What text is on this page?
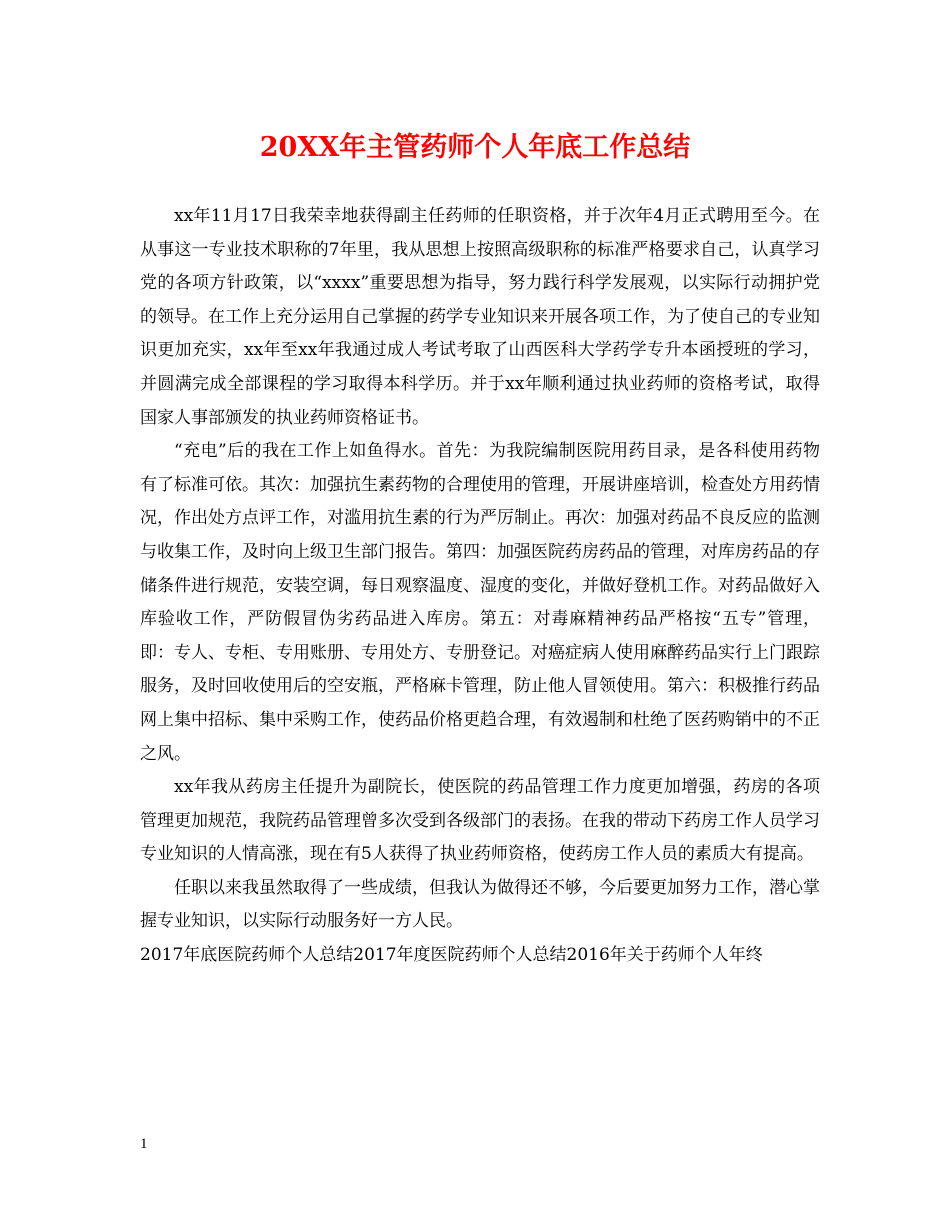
20XX年主管药师个人年底工作总结

xx年11月17日我荣幸地获得副主任药师的任职资格，并于次年4月正式聘用至今。在从事这一专业技术职称的7年里，我从思想上按照高级职称的标准严格要求自己，认真学习党的各项方针政策，以“xxxx”重要思想为指导，努力践行科学发展观，以实际行动拥护党的领导。在工作上充分运用自己掌握的药学专业知识来开展各项工作，为了使自己的专业知识更加充实，xx年至xx年我通过成人考试考取了山西医科大学药学专升本函授班的学习，并圆满完成全部课程的学习取得本科学历。并于xx年顺利通过执业药师的资格考试，取得国家人事部颁发的执业药师资格证书。

“充电”后的我在工作上如鱼得水。首先：为我院编制医院用药目录，是各科使用药物有了标准可依。其次：加强抗生素药物的合理使用的管理，开展讲座培训，检查处方用药情况，作出处方点评工作，对滥用抗生素的行为严厉制止。再次：加强对药品不良反应的监测与收集工作，及时向上级卫生部门报告。第四：加强医院药房药品的管理，对库房药品的存储条件进行规范，安装空调，每日观察温度、湿度的变化，并做好登机工作。对药品做好入库验收工作，严防假冒伪劣药品进入库房。第五：对毒麻精神药品严格按“五专”管理，即：专人、专柜、专用账册、专用处方、专册登记。对癌症病人使用麻醉药品实行上门跟踪服务，及时回收使用后的空安瓶，严格麻卡管理，防止他人冒领使用。第六：积极推行药品网上集中招标、集中采购工作，使药品价格更趋合理，有效遏制和杜绝了医药购销中的不正之风。

xx年我从药房主任提升为副院长，使医院的药品管理工作力度更加增强，药房的各项管理更加规范，我院药品管理曾多次受到各级部门的表扬。在我的带动下药房工作人员学习专业知识的人情高涨，现在有5人获得了执业药师资格，使药房工作人员的素质大有提高。

任职以来我虽然取得了一些成绩，但我认为做得还不够，今后要更加努力工作，潜心掌握专业知识，以实际行动服务好一方人民。

2017年底医院药师个人总结2017年度医院药师个人总结2016年关于药师个人年终

1
